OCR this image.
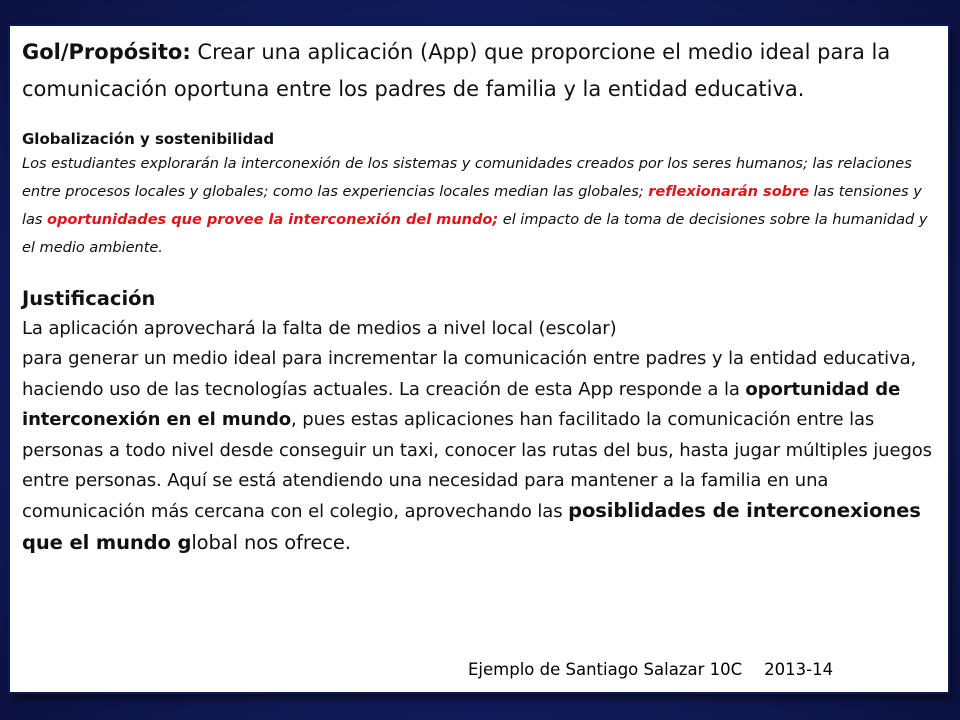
Gol/Propósito: Crear una aplicación (App) que proporcione el medio ideal para la comunicación oportuna entre los padres de familia y la entidad educativa.

Globalización y sostenibilidad

Los estudiantes explorarán la interconexión de los sistemas y comunidades creados por los seres humanos; las relaciones entre procesos locales y globales; como las experiencias locales median las globales; reflexionarán sobre las tensiones y las oportunidades que provee la interconexión del mundo; el impacto de la toma de decisiones sobre la humanidad y el medio ambiente.

Justificación

La aplicación aprovechará la falta de medios a nivel local (escolar)

para generar un medio ideal para incrementar la comunicación entre padres y la entidad educativa, haciendo uso de las tecnologías actuales. La creación de esta App responde a la oportunidad de interconexión en el mundo, pues estas aplicaciones han facilitado la comunicación entre las personas a todo nivel desde conseguir un taxi, conocer las rutas del bus, hasta jugar múltiples juegos entre personas. Aquí se está atendiendo una necesidad para mantener a la familia en una comunicación más cercana con el colegio, aprovechando las posiblidades de interconexiones que el mundo global nos ofrece.

Ejemplo de Santiago Salazar 10C 2013-14
